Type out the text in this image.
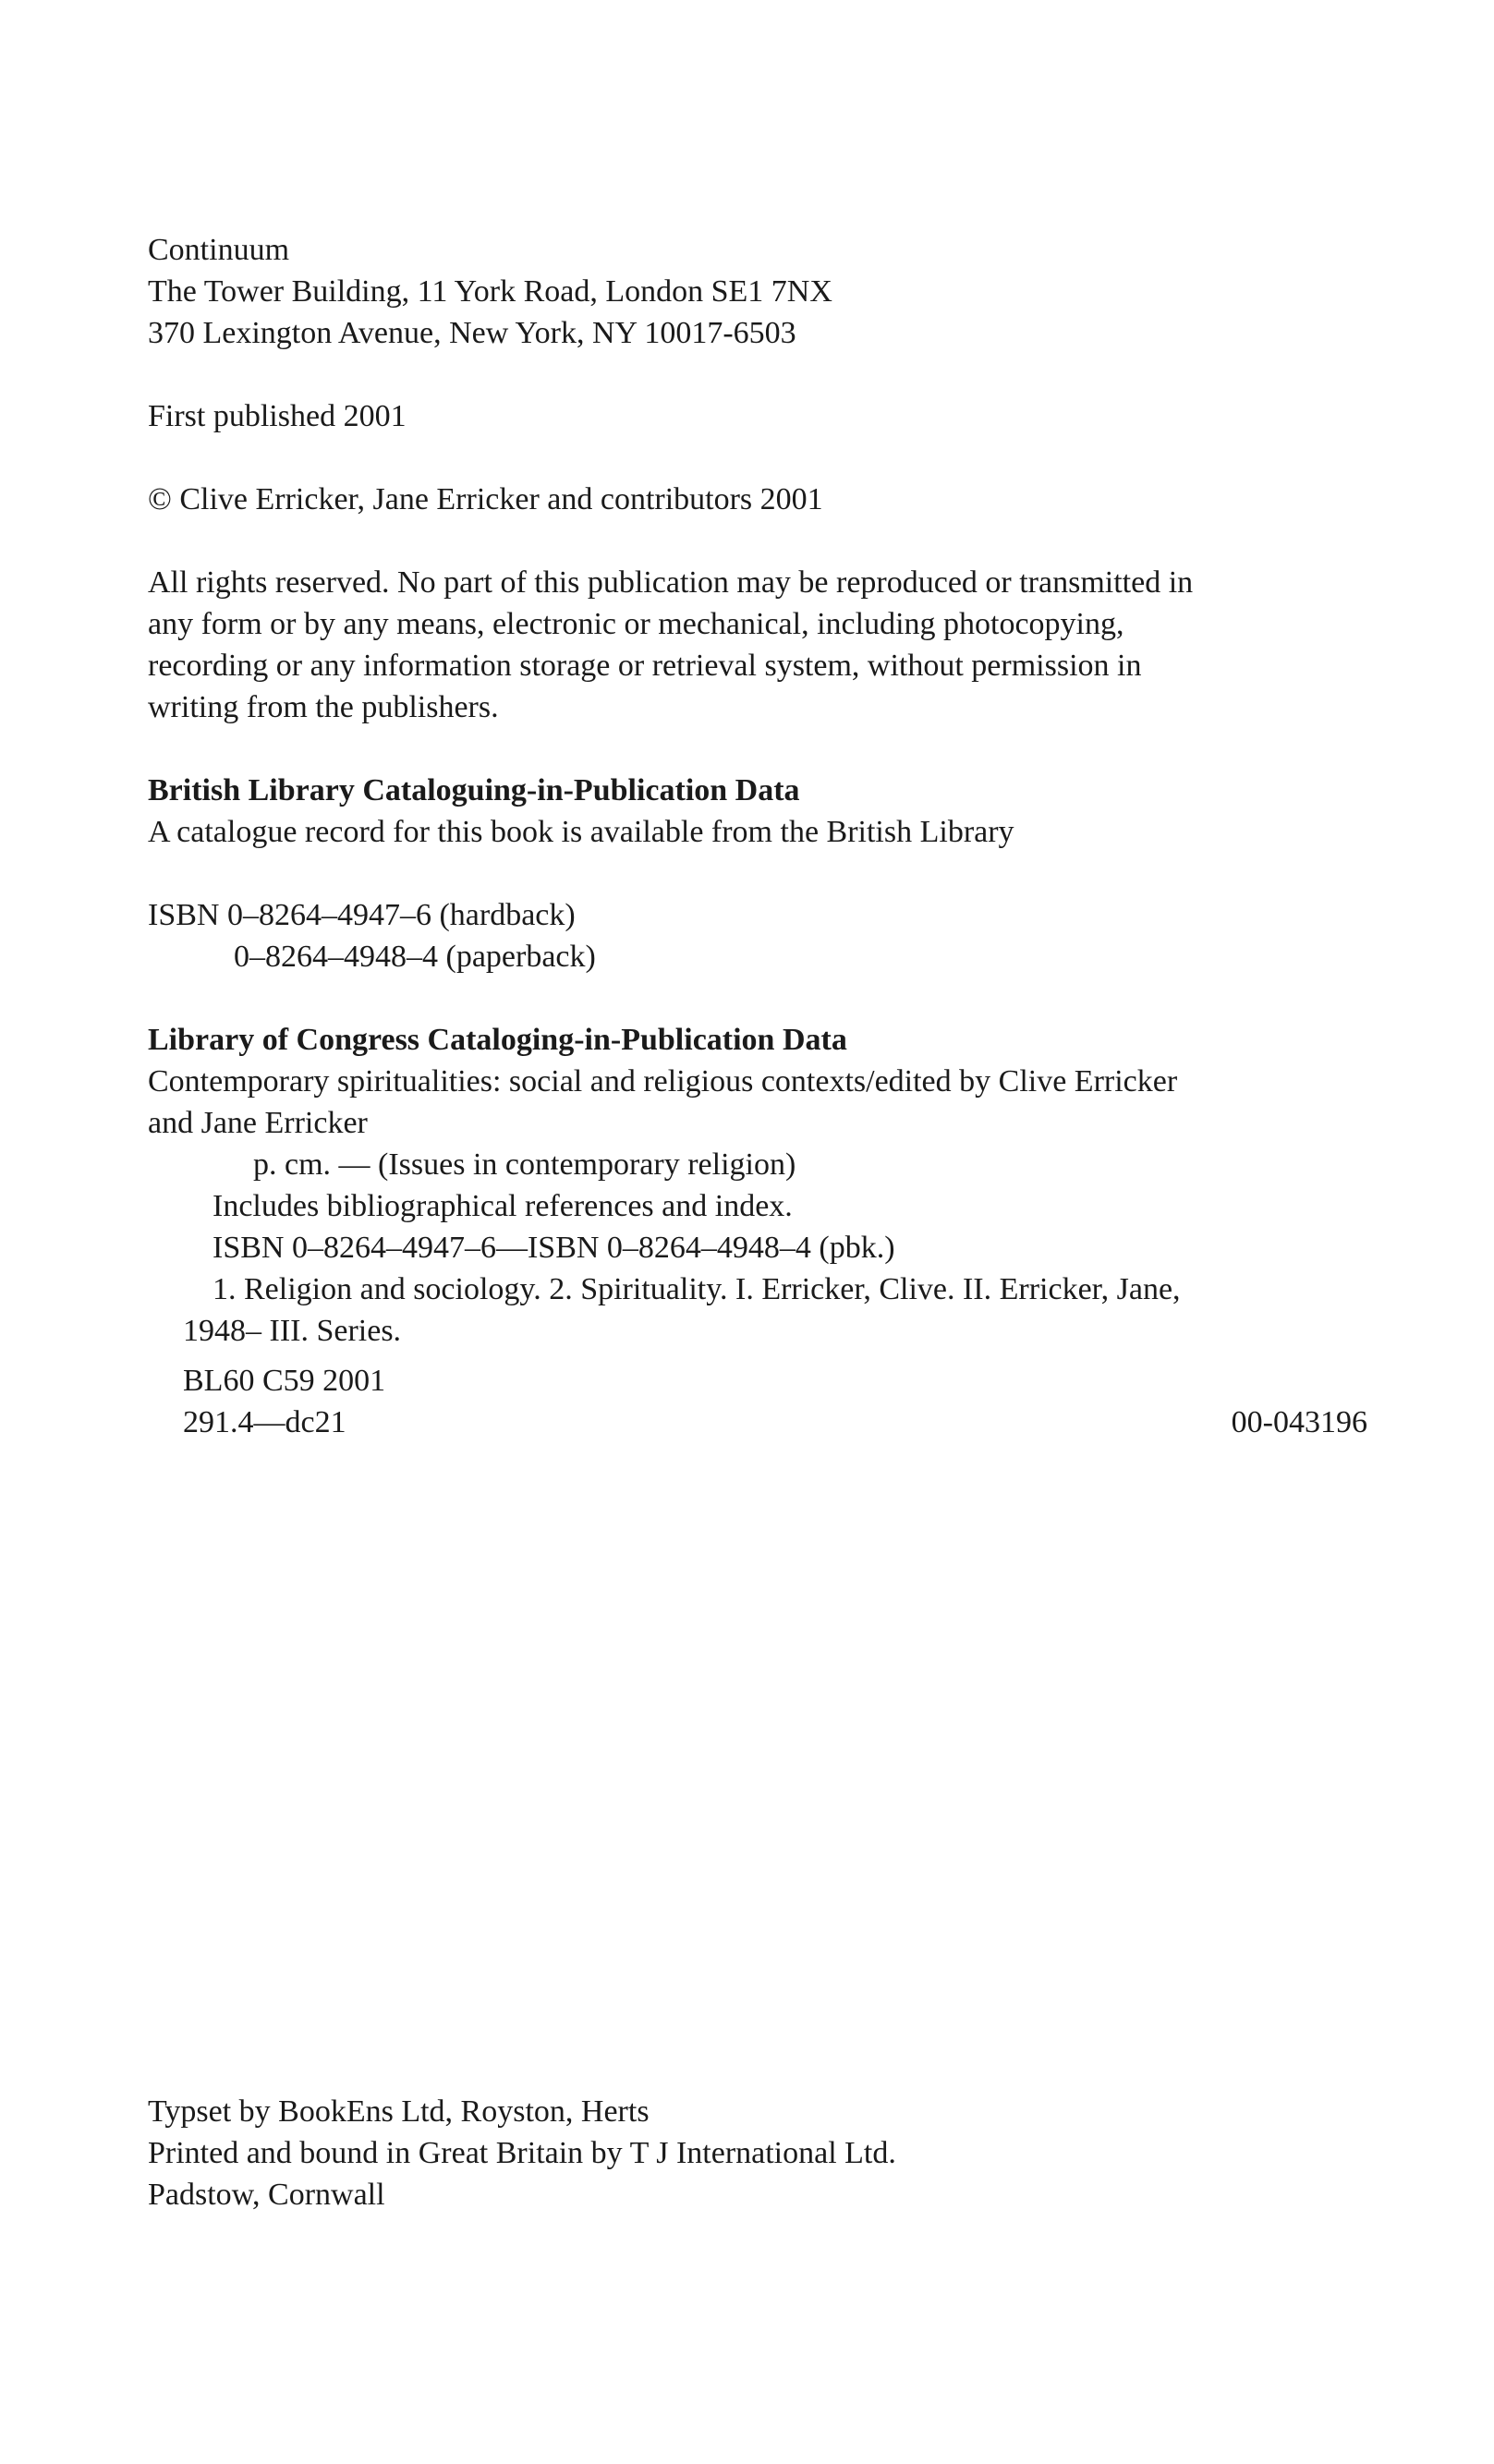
Continuum
The Tower Building, 11 York Road, London SE1 7NX
370 Lexington Avenue, New York, NY 10017-6503
First published 2001
© Clive Erricker, Jane Erricker and contributors 2001
All rights reserved. No part of this publication may be reproduced or transmitted in
any form or by any means, electronic or mechanical, including photocopying,
recording or any information storage or retrieval system, without permission in
writing from the publishers.
British Library Cataloguing-in-Publication Data
A catalogue record for this book is available from the British Library
ISBN 0–8264–4947–6 (hardback)
0–8264–4948–4 (paperback)
Library of Congress Cataloging-in-Publication Data
Contemporary spiritualities: social and religious contexts/edited by Clive Erricker
and Jane Erricker
p. cm. — (Issues in contemporary religion)
Includes bibliographical references and index.
ISBN 0–8264–4947–6—ISBN 0–8264–4948–4 (pbk.)
1. Religion and sociology. 2. Spirituality. I. Erricker, Clive. II. Erricker, Jane,
1948– III. Series.
BL60 C59 2001
291.4—dc21	00-043196
Typset by BookEns Ltd, Royston, Herts
Printed and bound in Great Britain by T J International Ltd.
Padstow, Cornwall
